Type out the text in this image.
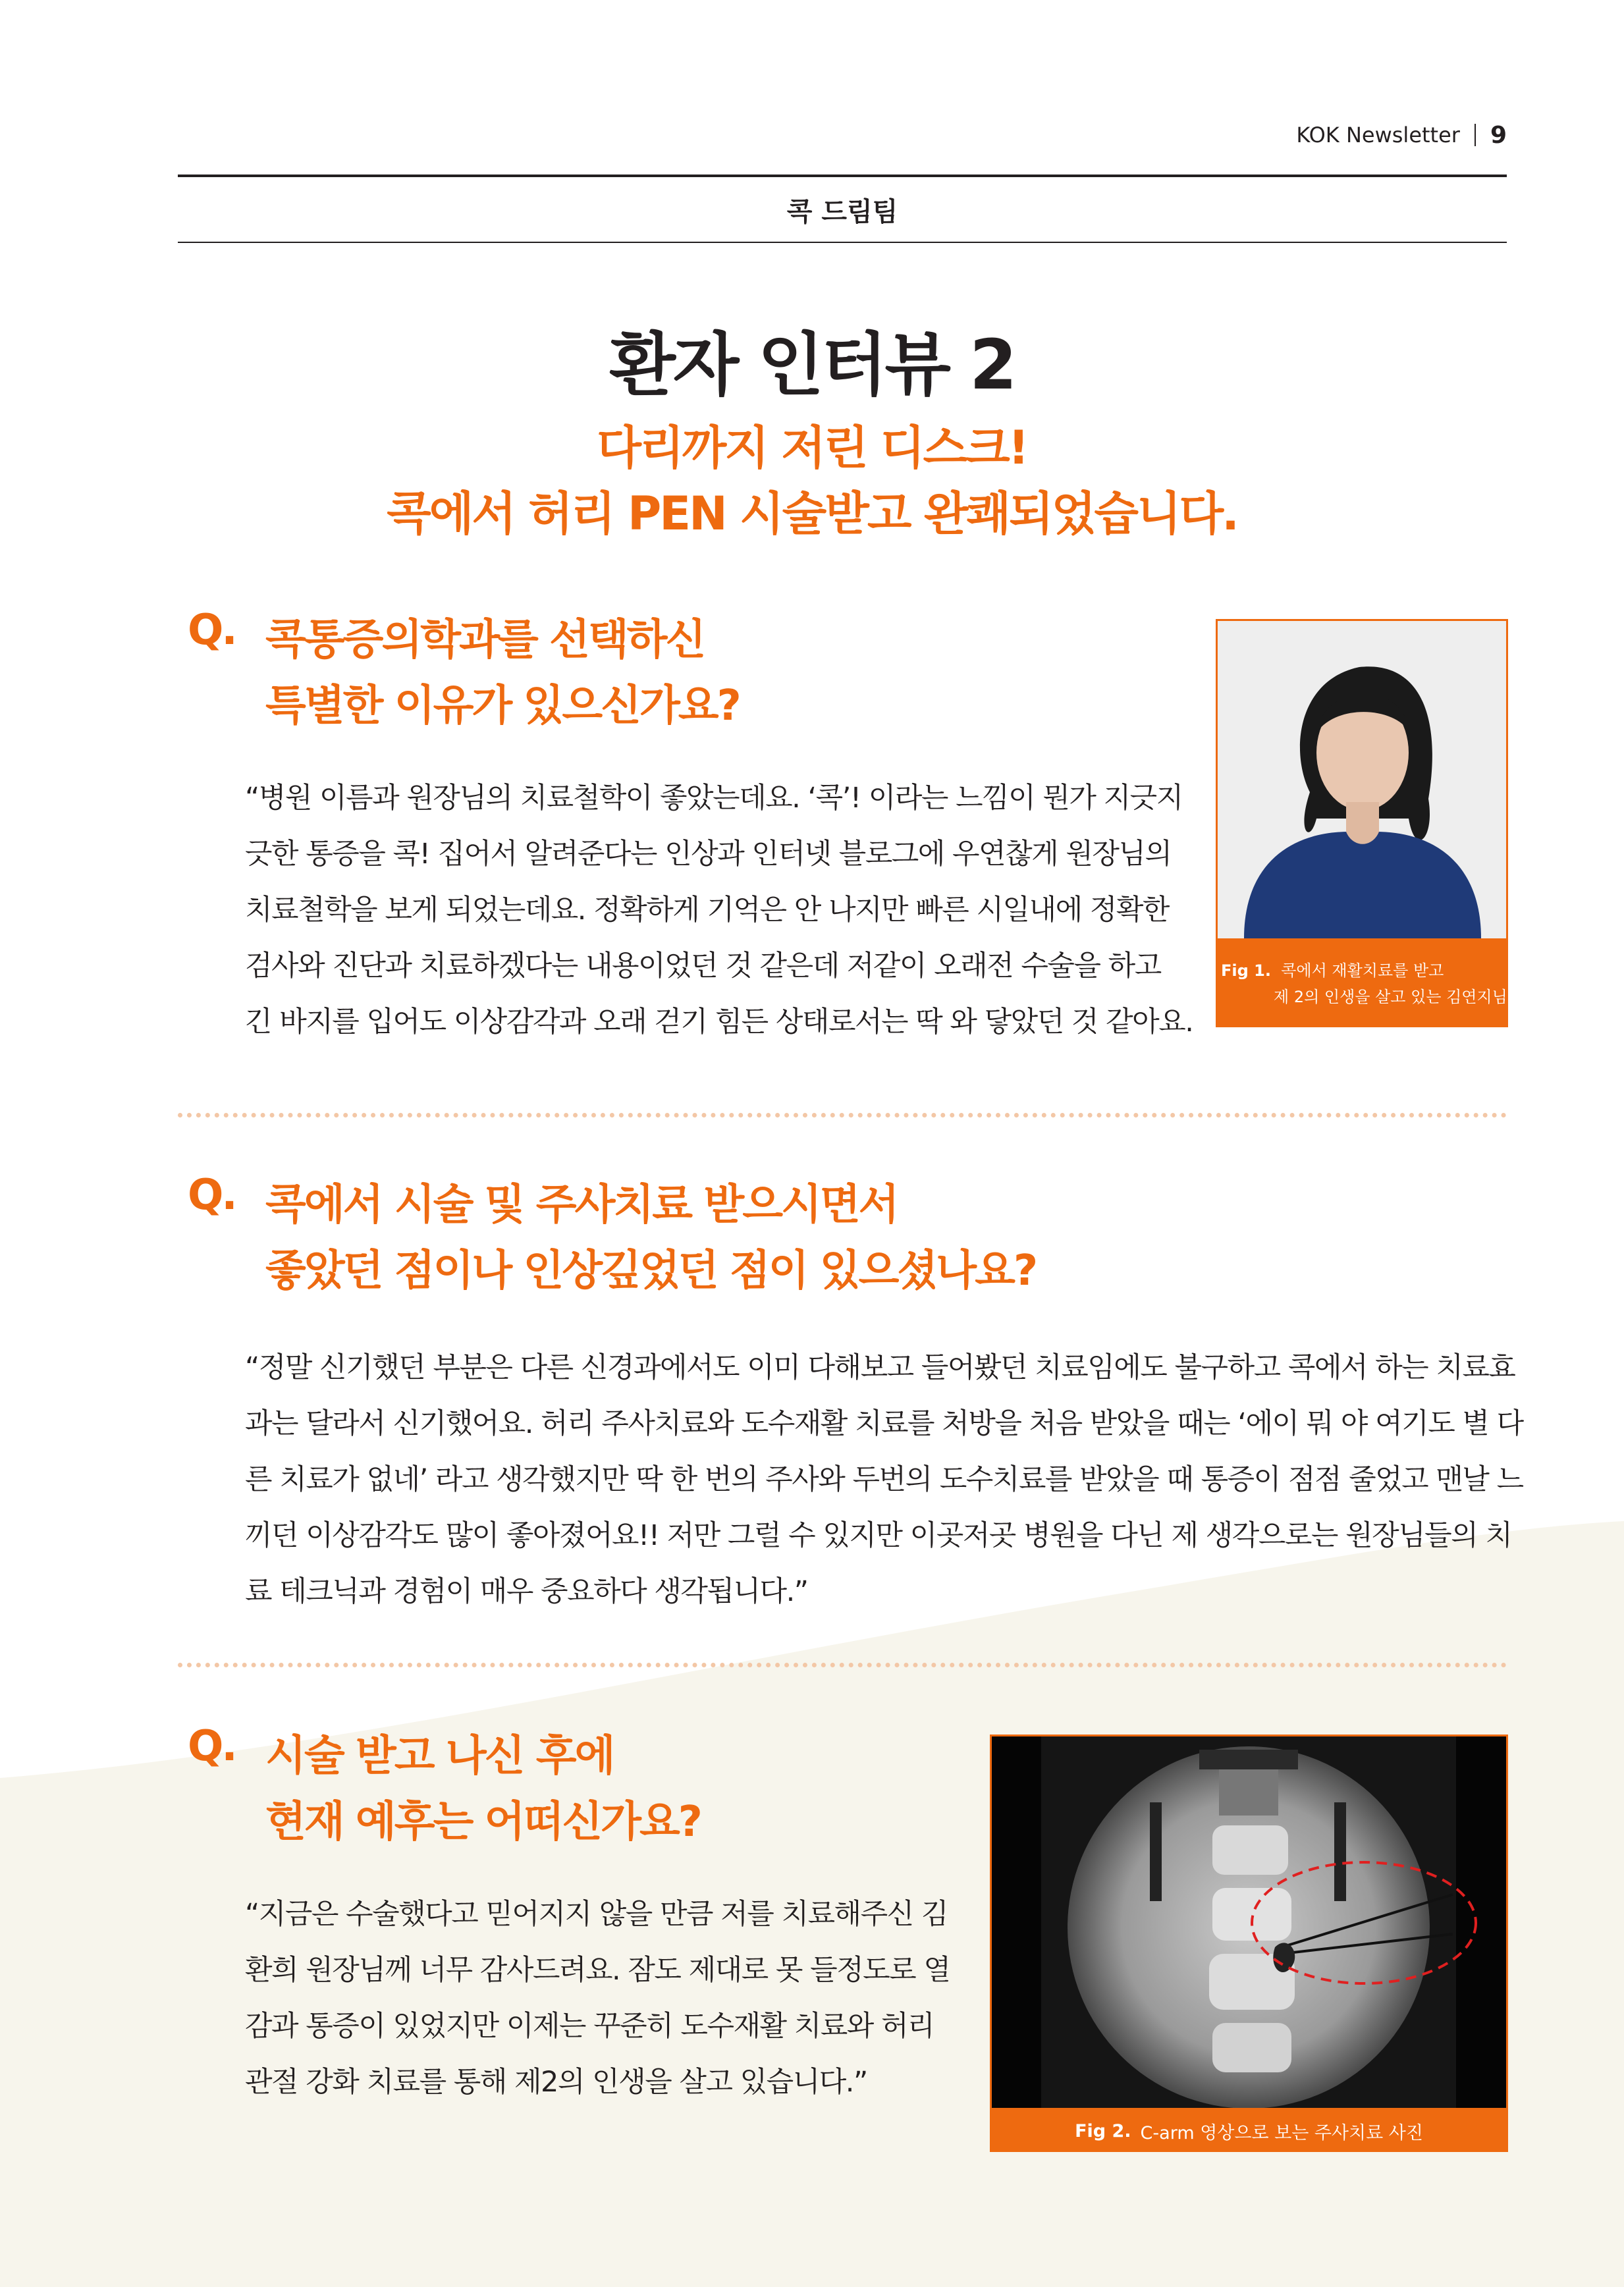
KOK Newsletter 9
콕 드림팀
환자 인터뷰 2
다리까지 저린 디스크!
콕에서 허리 PEN 시술받고 완쾌되었습니다.
Q. 콕통증의학과를 선택하신
특별한 이유가 있으신가요?
“병원 이름과 원장님의 치료철학이 좋았는데요. ‘콕’! 이라는 느낌이 뭔가 지긋지
긋한 통증을 콕! 집어서 알려준다는 인상과 인터넷 블로그에 우연찮게 원장님의
치료철학을 보게 되었는데요. 정확하게 기억은 안 나지만 빠른 시일내에 정확한
검사와 진단과 치료하겠다는 내용이었던 것 같은데 저같이 오래전 수술을 하고
긴 바지를 입어도 이상감각과 오래 걷기 힘든 상태로서는 딱 와 닿았던 것 같아요.
Fig 1. 콕에서 재활치료를 받고
제 2의 인생을 살고 있는 김연지님
Q. 콕에서 시술 및 주사치료 받으시면서
좋았던 점이나 인상깊었던 점이 있으셨나요?
“정말 신기했던 부분은 다른 신경과에서도 이미 다해보고 들어봤던 치료임에도 불구하고 콕에서 하는 치료효
과는 달라서 신기했어요. 허리 주사치료와 도수재활 치료를 처방을 처음 받았을 때는 ‘에이 뭐 야 여기도 별 다
른 치료가 없네’ 라고 생각했지만 딱 한 번의 주사와 두번의 도수치료를 받았을 때 통증이 점점 줄었고 맨날 느
끼던 이상감각도 많이 좋아졌어요!! 저만 그럴 수 있지만 이곳저곳 병원을 다닌 제 생각으로는 원장님들의 치
료 테크닉과 경험이 매우 중요하다 생각됩니다.”
Q. 시술 받고 나신 후에
현재 예후는 어떠신가요?
“지금은 수술했다고 믿어지지 않을 만큼 저를 치료해주신 김
환희 원장님께 너무 감사드려요. 잠도 제대로 못 들정도로 열
감과 통증이 있었지만 이제는 꾸준히 도수재활 치료와 허리
관절 강화 치료를 통해 제2의 인생을 살고 있습니다.”
Fig 2. C-arm 영상으로 보는 주사치료 사진
